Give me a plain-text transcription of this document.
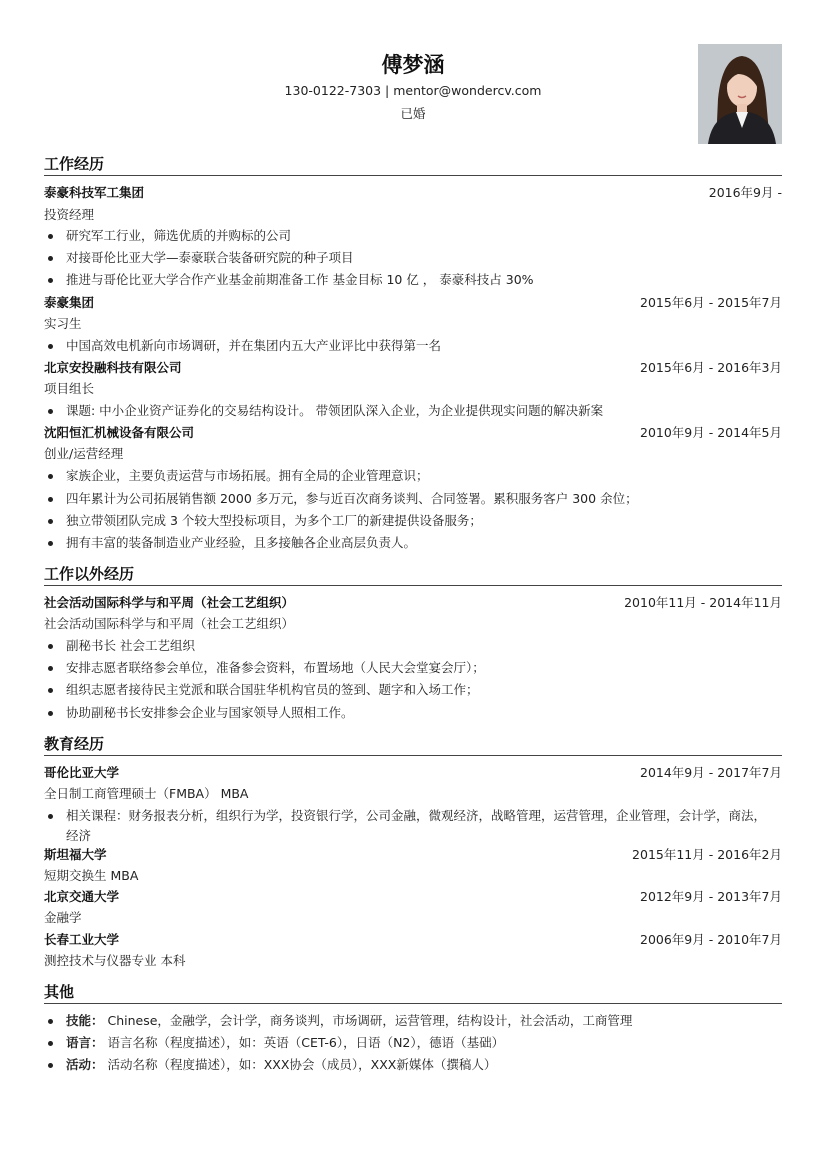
傅梦涵
130-0122-7303 | mentor@wondercv.com
已婚
工作经历
泰豪科技军工集团	2016年9月 -
投资经理
研究军工行业，筛选优质的并购标的公司
对接哥伦比亚大学—泰豪联合装备研究院的种子项目
推进与哥伦比亚大学合作产业基金前期准备工作 基金目标 10 亿 ， 泰豪科技占 30%
泰豪集团	2015年6月 - 2015年7月
实习生
中国高效电机新向市场调研，并在集团内五大产业评比中获得第一名
北京安投融科技有限公司	2015年6月 - 2016年3月
项目组长
课题: 中小企业资产证券化的交易结构设计。 带领团队深入企业，为企业提供现实问题的解决新案
沈阳恒汇机械设备有限公司	2010年9月 - 2014年5月
创业/运营经理
家族企业，主要负责运营与市场拓展。拥有全局的企业管理意识；
四年累计为公司拓展销售额 2000 多万元，参与近百次商务谈判、合同签署。累积服务客户 300 余位；
独立带领团队完成 3 个较大型投标项目，为多个工厂的新建提供设备服务；
拥有丰富的装备制造业产业经验，且多接触各企业高层负责人。
工作以外经历
社会活动国际科学与和平周（社会工艺组织）	2010年11月 - 2014年11月
社会活动国际科学与和平周（社会工艺组织）
副秘书长 社会工艺组织
安排志愿者联络参会单位，准备参会资料，布置场地（人民大会堂宴会厅）；
组织志愿者接待民主党派和联合国驻华机构官员的签到、题字和入场工作；
协助副秘书长安排参会企业与国家领导人照相工作。
教育经历
哥伦比亚大学	2014年9月 - 2017年7月
全日制工商管理硕士（FMBA） MBA
相关课程：财务报表分析，组织行为学，投资银行学，公司金融，微观经济，战略管理，运营管理，企业管理，会计学，商法，经济
斯坦福大学	2015年11月 - 2016年2月
短期交换生 MBA
北京交通大学	2012年9月 - 2013年7月
金融学
长春工业大学	2006年9月 - 2010年7月
测控技术与仪器专业 本科
其他
技能： Chinese，金融学，会计学，商务谈判，市场调研，运营管理，结构设计，社会活动，工商管理
语言： 语言名称（程度描述），如：英语（CET-6），日语（N2），德语（基础）
活动： 活动名称（程度描述），如：XXX协会（成员），XXX新媒体（撰稿人）
